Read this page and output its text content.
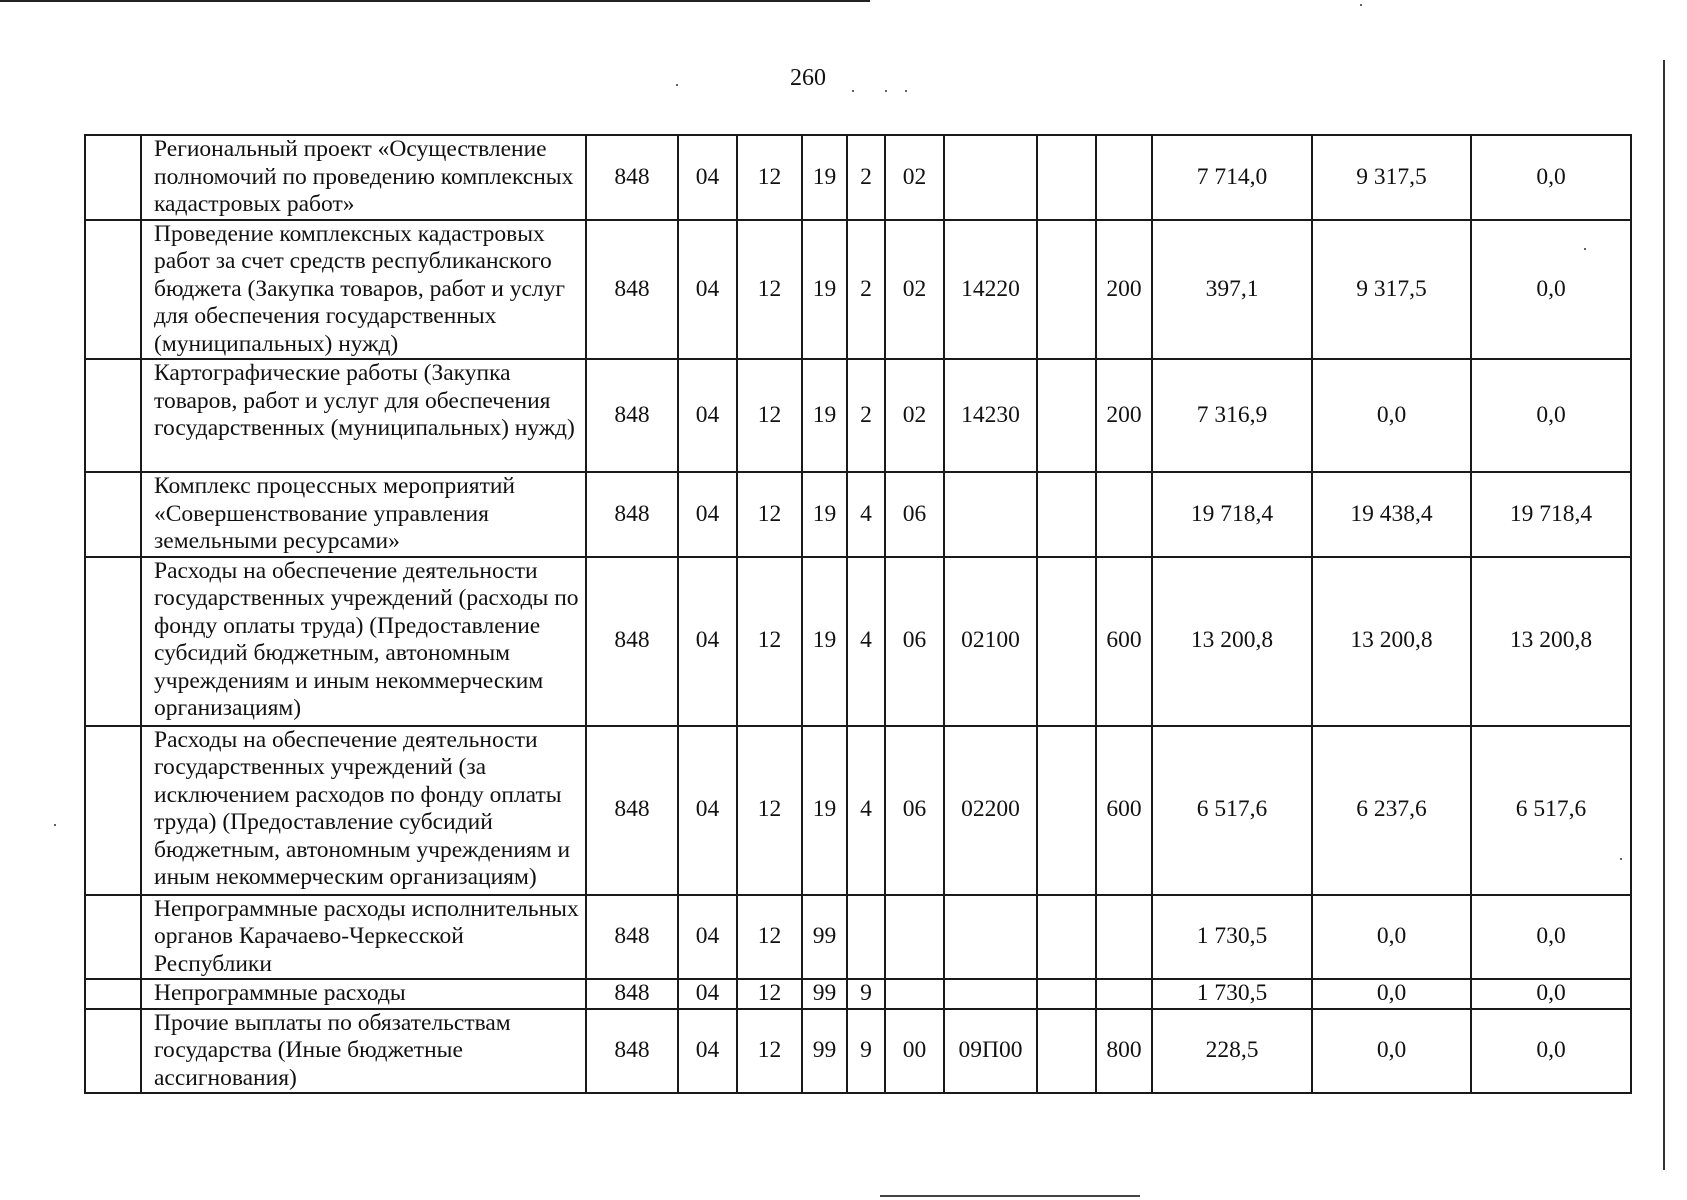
260
	Региональный проект «Осуществление полномочий по проведению комплексных кадастровых работ»	848	04	12	19	2	02				7 714,0	9 317,5	0,0
	Проведение комплексных кадастровых работ за счет средств республиканского бюджета (Закупка товаров, работ и услуг для обеспечения государственных (муниципальных) нужд)	848	04	12	19	2	02	14220		200	397,1	9 317,5	0,0
	Картографические работы (Закупка товаров, работ и услуг для обеспечения государственных (муниципальных) нужд)	848	04	12	19	2	02	14230		200	7 316,9	0,0	0,0
	Комплекс процессных мероприятий «Совершенствование управления земельными ресурсами»	848	04	12	19	4	06				19 718,4	19 438,4	19 718,4
	Расходы на обеспечение деятельности государственных учреждений (расходы по фонду оплаты труда) (Предоставление субсидий бюджетным, автономным учреждениям и иным некоммерческим организациям)	848	04	12	19	4	06	02100		600	13 200,8	13 200,8	13 200,8
	Расходы на обеспечение деятельности государственных учреждений (за исключением расходов по фонду оплаты труда) (Предоставление субсидий бюджетным, автономным учреждениям и иным некоммерческим организациям)	848	04	12	19	4	06	02200		600	6 517,6	6 237,6	6 517,6
	Непрограммные расходы исполнительных органов Карачаево-Черкесской Республики	848	04	12	99						1 730,5	0,0	0,0
	Непрограммные расходы	848	04	12	99	9					1 730,5	0,0	0,0
	Прочие выплаты по обязательствам государства (Иные бюджетные ассигнования)	848	04	12	99	9	00	09П00		800	228,5	0,0	0,0
